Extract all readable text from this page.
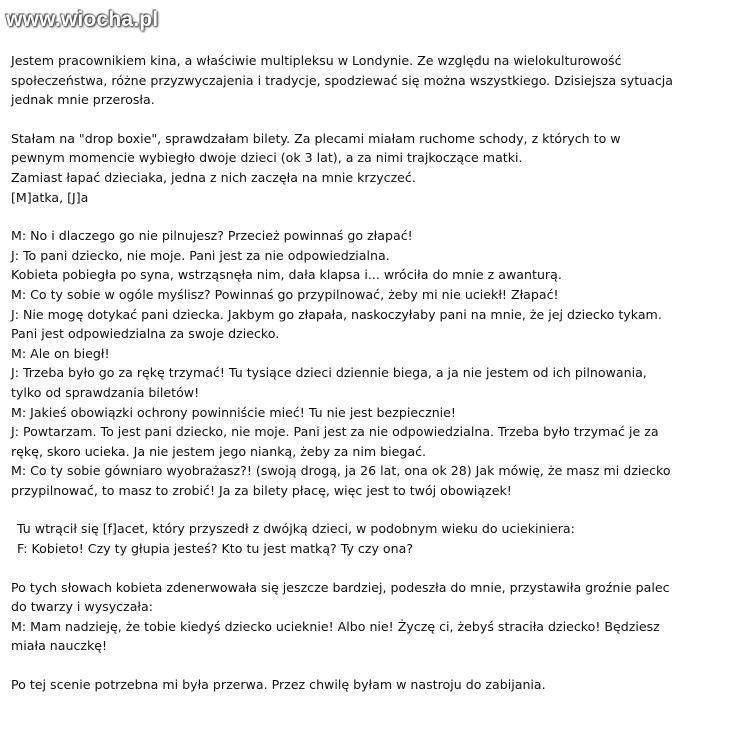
www.wiocha.pl

Jestem pracownikiem kina, a właściwie multipleksu w Londynie. Ze względu na wielokulturowość
społeczeństwa, różne przyzwyczajenia i tradycje, spodziewać się można wszystkiego. Dzisiejsza sytuacja
jednak mnie przerosła.

Stałam na "drop boxie", sprawdzałam bilety. Za plecami miałam ruchome schody, z których to w
pewnym momencie wybiegło dwoje dzieci (ok 3 lat), a za nimi trajkoczące matki.
Zamiast łapać dzieciaka, jedna z nich zaczęła na mnie krzyczeć.
[M]atka, [J]a

M: No i dlaczego go nie pilnujesz? Przecież powinnaś go złapać!
J: To pani dziecko, nie moje. Pani jest za nie odpowiedzialna.
Kobieta pobiegła po syna, wstrząsnęła nim, dała klapsa i... wróciła do mnie z awanturą.
M: Co ty sobie w ogóle myślisz? Powinnaś go przypilnować, żeby mi nie uciekł! Złapać!
J: Nie mogę dotykać pani dziecka. Jakbym go złapała, naskoczyłaby pani na mnie, że jej dziecko tykam.
Pani jest odpowiedzialna za swoje dziecko.
M: Ale on biegł!
J: Trzeba było go za rękę trzymać! Tu tysiące dzieci dziennie biega, a ja nie jestem od ich pilnowania,
tylko od sprawdzania biletów!
M: Jakieś obowiązki ochrony powinniście mieć! Tu nie jest bezpiecznie!
J: Powtarzam. To jest pani dziecko, nie moje. Pani jest za nie odpowiedzialna. Trzeba było trzymać je za
rękę, skoro ucieka. Ja nie jestem jego nianką, żeby za nim biegać.
M: Co ty sobie gówniaro wyobrażasz?! (swoją drogą, ja 26 lat, ona ok 28) Jak mówię, że masz mi dziecko
przypilnować, to masz to zrobić! Ja za bilety płacę, więc jest to twój obowiązek!

Tu wtrącił się [f]acet, który przyszedł z dwójką dzieci, w podobnym wieku do uciekiniera:
F: Kobieto! Czy ty głupia jesteś? Kto tu jest matką? Ty czy ona?

Po tych słowach kobieta zdenerwowała się jeszcze bardziej, podeszła do mnie, przystawiła groźnie palec
do twarzy i wysyczała:
M: Mam nadzieję, że tobie kiedyś dziecko ucieknie! Albo nie! Życzę ci, żebyś straciła dziecko! Będziesz
miała nauczkę!

Po tej scenie potrzebna mi była przerwa. Przez chwilę byłam w nastroju do zabijania.
